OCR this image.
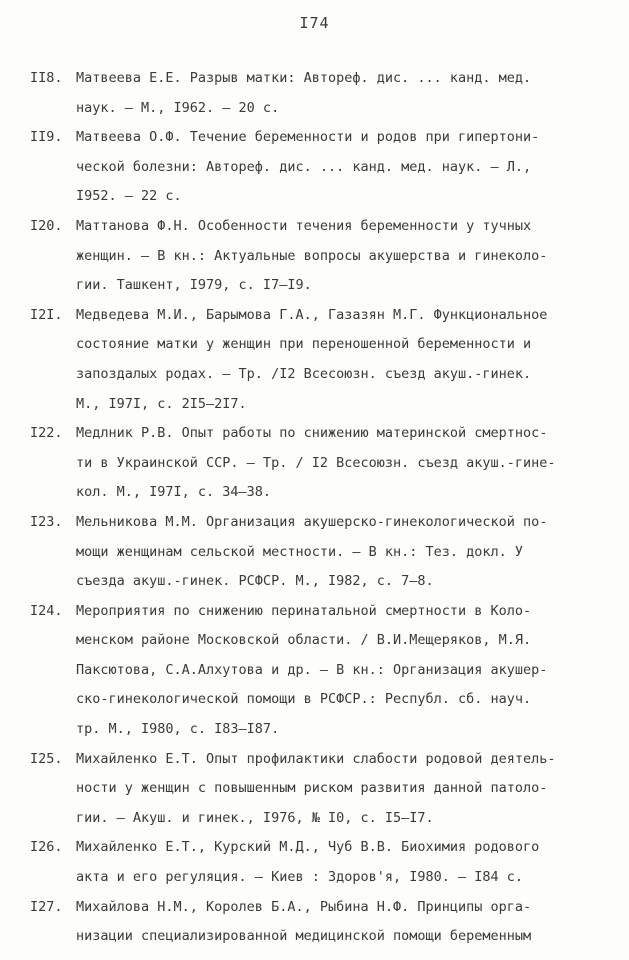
I74
II8. Матвеева Е.Е. Разрыв матки: Автореф. дис. ... канд. мед.
наук. – М., I962. – 20 с.
II9. Матвеева О.Ф. Течение беременности и родов при гипертони-
ческой болезни: Автореф. дис. ... канд. мед. наук. – Л.,
I952. – 22 с.
I20. Маттанова Ф.Н. Особенности течения беременности у тучных
женщин. – В кн.: Актуальные вопросы акушерства и гинеколо-
гии. Ташкент, I979, с. I7–I9.
I2I. Медведева М.И., Барымова Г.А., Газазян М.Г. Функциональное
состояние матки у женщин при переношенной беременности и
запоздалых родах. – Тр. /I2 Всесоюзн. съезд акуш.-гинек.
М., I97I, с. 2I5–2I7.
I22. Медлник Р.В. Опыт работы по снижению материнской смертнос-
ти в Украинской ССР. – Тр. / I2 Всесоюзн. съезд акуш.-гине-
кол. М., I97I, с. 34–38.
I23. Мельникова М.М. Организация акушерско-гинекологической по-
мощи женщинам сельской местности. – В кн.: Тез. докл. У
съезда акуш.-гинек. РСФСР. М., I982, с. 7–8.
I24. Мероприятия по снижению перинатальной смертности в Коло-
менском районе Московской области. / В.И.Мещеряков, М.Я.
Паксютова, С.А.Алхутова и др. – В кн.: Организация акушер-
ско-гинекологической помощи в РСФСР.: Республ. сб. науч.
тр. М., I980, с. I83–I87.
I25. Михайленко Е.Т. Опыт профилактики слабости родовой деятель-
ности у женщин с повышенным риском развития данной патоло-
гии. – Акуш. и гинек., I976, № I0, с. I5–I7.
I26. Михайленко Е.Т., Курский М.Д., Чуб В.В. Биохимия родового
акта и его регуляция. – Киев : Здоров'я, I980. – I84 с.
I27. Михайлова Н.М., Королев Б.А., Рыбина Н.Ф. Принципы орга-
низации специализированной медицинской помощи беременным
